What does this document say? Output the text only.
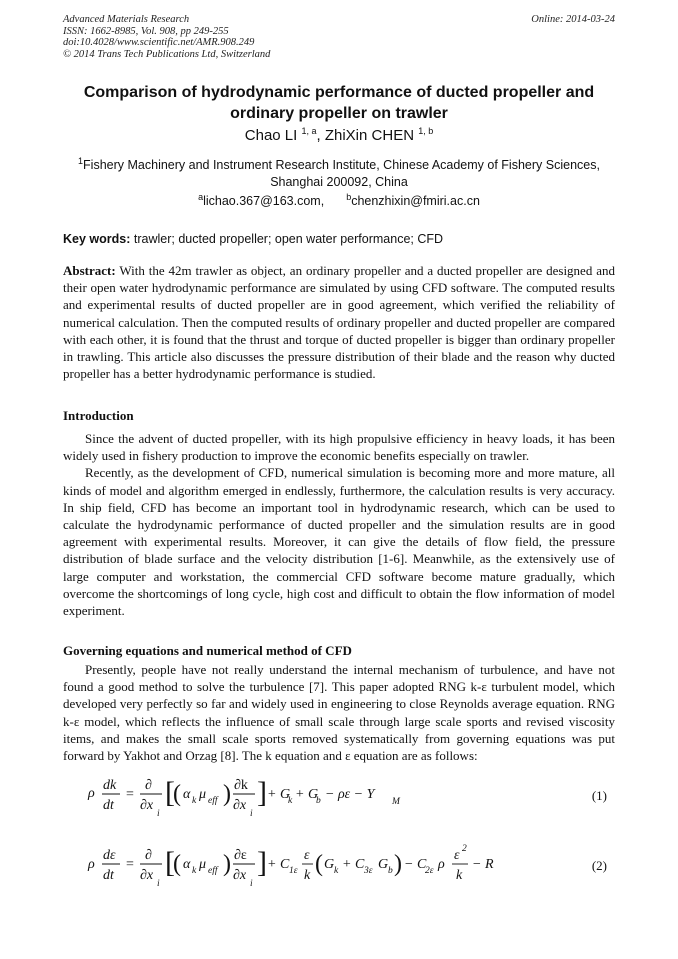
Advanced Materials Research
ISSN: 1662-8985, Vol. 908, pp 249-255
doi:10.4028/www.scientific.net/AMR.908.249
© 2014 Trans Tech Publications Ltd, Switzerland
Online: 2014-03-24
Comparison of hydrodynamic performance of ducted propeller and
ordinary propeller on trawler
Chao LI $^{1, a}$, ZhiXin CHEN $^{1, b}$
$^1$Fishery Machinery and Instrument Research Institute, Chinese Academy of Fishery Sciences,
Shanghai 200092, China
$^a$lichao.367@163.com, $^b$chenzhixin@fmiri.ac.cn
Key words: trawler; ducted propeller; open water performance; CFD

Abstract: With the 42m trawler as object, an ordinary propeller and a ducted propeller are designed and their open water hydrodynamic performance are simulated by using CFD software. The computed results and experimental results of ducted propeller are in good agreement, which verified the reliability of numerical calculation. Then the computed results of ordinary propeller and ducted propeller are compared with each other, it is found that the thrust and torque of ducted propeller is bigger than ordinary propeller in trawling. This article also discusses the pressure distribution of their blade and the reason why ducted propeller has a better hydrodynamic performance is studied.

Introduction

Since the advent of ducted propeller, with its high propulsive efficiency in heavy loads, it has been widely used in fishery production to improve the economic benefits especially on trawler.

Recently, as the development of CFD, numerical simulation is becoming more and more mature, all kinds of model and algorithm emerged in endlessly, furthermore, the calculation results is very accuracy. In ship field, CFD has become an important tool in hydrodynamic research, which can be used to calculate the hydrodynamic performance of ducted propeller and the simulation results are in good agreement with experimental results. Moreover, it can give the details of flow field, the pressure distribution of blade surface and the velocity distribution [1-6]. Meanwhile, as the extensively use of large computer and workstation, the commercial CFD software become mature gradually, which overcome the shortcomings of long cycle, high cost and difficult to obtain the flow information of model experiment.

Governing equations and numerical method of CFD

Presently, people have not really understand the internal mechanism of turbulence, and have not found a good method to solve the turbulence [7]. This paper adopted RNG k-ε turbulent model, which developed very perfectly so far and widely used in engineering to close Reynolds average equation. RNG k-ε model, which reflects the influence of small scale through large scale sports and revised viscosity items, and makes the small scale sports removed systematically from governing equations was put forward by Yakhot and Orzag [8]. The k equation and ε equation are as follows:

ρ
dk
dt
=
∂
∂x
i
[
( α k μ eff ) ∂k
∂x
i
] + G
k + G
b − ρε − Y M	(1)
ρ
dε
dt
=
∂
∂x
i
[
( α k μ eff ) ∂ε
∂x
i
] + C 1ε
ε
k ( G k + C 3ε G b ) − C
2ε ρ
ε 2
k
− R	(2)
